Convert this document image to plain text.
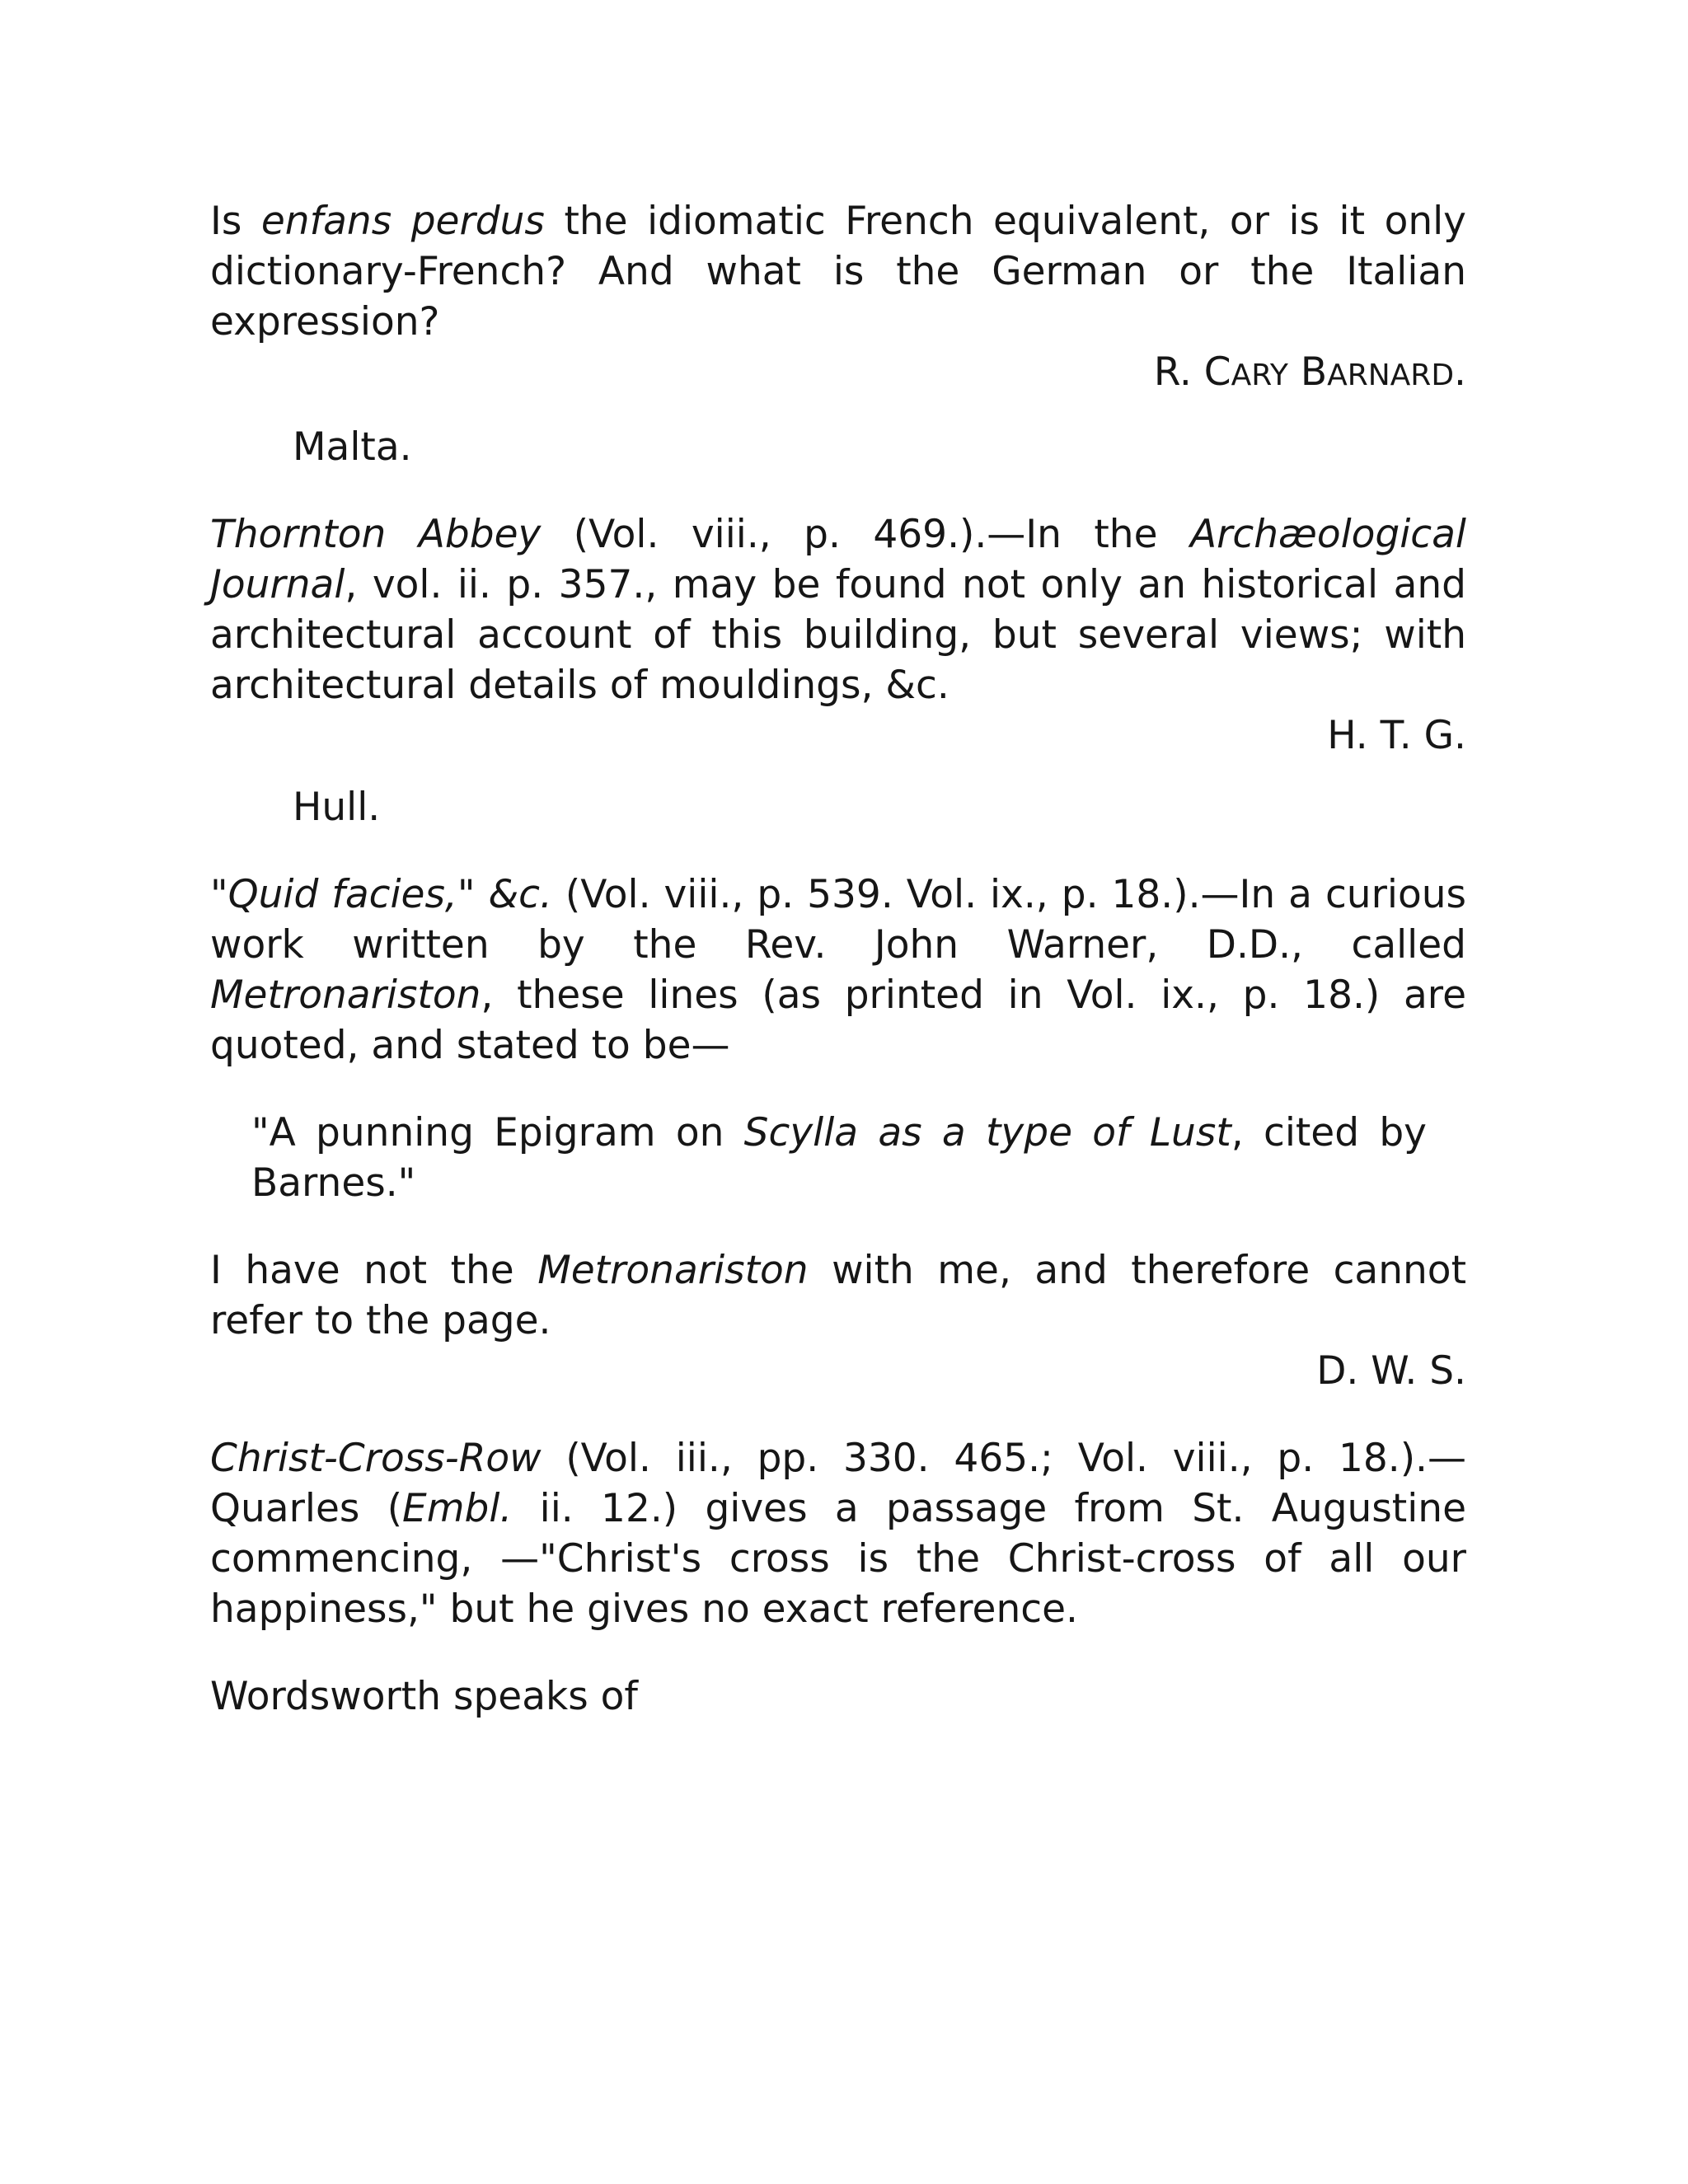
Is enfans perdus the idiomatic French equivalent, or is it only dictionary-French? And what is the German or the Italian expression?

R. CARY BARNARD.

Malta.

Thornton Abbey (Vol. viii., p. 469.).—In the Archæological Journal, vol. ii. p. 357., may be found not only an historical and architectural account of this building, but several views; with architectural details of mouldings, &c.

H. T. G.

Hull.

"Quid facies," &c. (Vol. viii., p. 539. Vol. ix., p. 18.).—In a curious work written by the Rev. John Warner, D.D., called Metronariston, these lines (as printed in Vol. ix., p. 18.) are quoted, and stated to be—

"A punning Epigram on Scylla as a type of Lust, cited by Barnes."

I have not the Metronariston with me, and therefore cannot refer to the page.

D. W. S.

Christ-Cross-Row (Vol. iii., pp. 330. 465.; Vol. viii., p. 18.).—Quarles (Embl. ii. 12.) gives a passage from St. Augustine commencing, —"Christ's cross is the Christ-cross of all our happiness," but he gives no exact reference.

Wordsworth speaks of
